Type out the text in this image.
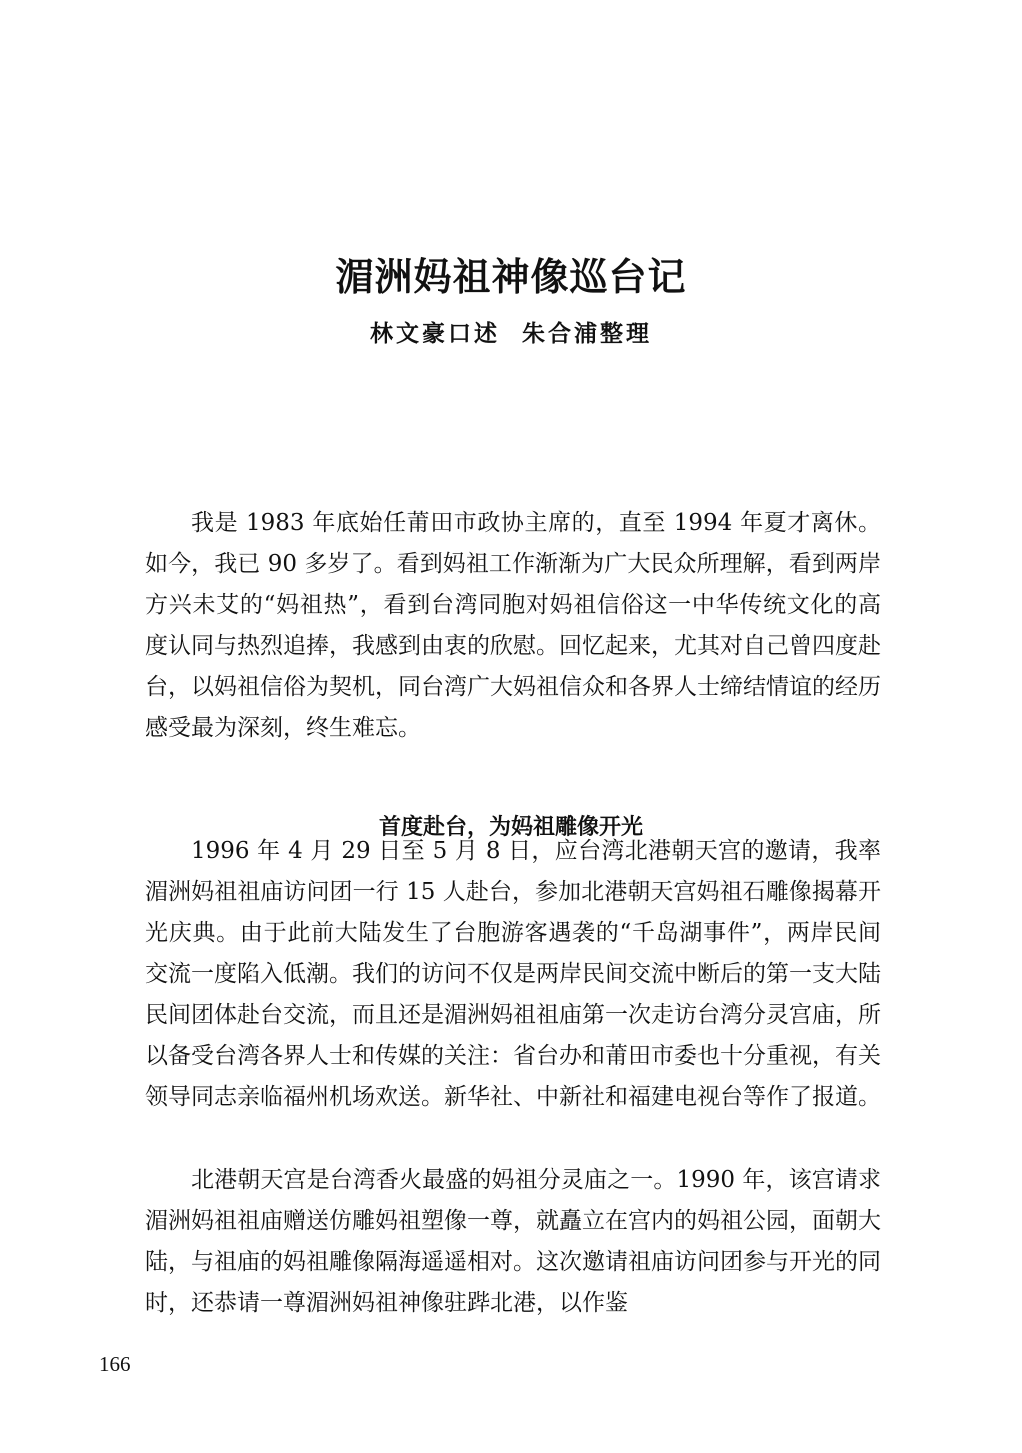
湄洲妈祖神像巡台记
林文豪口述 朱合浦整理

我是 1983 年底始任莆田市政协主席的，直至 1994 年夏才离休。如今，我已 90 多岁了。看到妈祖工作渐渐为广大民众所理解，看到两岸方兴未艾的“妈祖热”，看到台湾同胞对妈祖信俗这一中华传统文化的高度认同与热烈追捧，我感到由衷的欣慰。回忆起来，尤其对自己曾四度赴台，以妈祖信俗为契机，同台湾广大妈祖信众和各界人士缔结情谊的经历感受最为深刻，终生难忘。

首度赴台，为妈祖雕像开光

1996 年 4 月 29 日至 5 月 8 日，应台湾北港朝天宫的邀请，我率湄洲妈祖祖庙访问团一行 15 人赴台，参加北港朝天宫妈祖石雕像揭幕开光庆典。由于此前大陆发生了台胞游客遇袭的“千岛湖事件”，两岸民间交流一度陷入低潮。我们的访问不仅是两岸民间交流中断后的第一支大陆民间团体赴台交流，而且还是湄洲妈祖祖庙第一次走访台湾分灵宫庙，所以备受台湾各界人士和传媒的关注：省台办和莆田市委也十分重视，有关领导同志亲临福州机场欢送。新华社、中新社和福建电视台等作了报道。

北港朝天宫是台湾香火最盛的妈祖分灵庙之一。1990 年，该宫请求湄洲妈祖祖庙赠送仿雕妈祖塑像一尊，就矗立在宫内的妈祖公园，面朝大陆，与祖庙的妈祖雕像隔海遥遥相对。这次邀请祖庙访问团参与开光的同时，还恭请一尊湄洲妈祖神像驻跸北港，以作鉴

166
